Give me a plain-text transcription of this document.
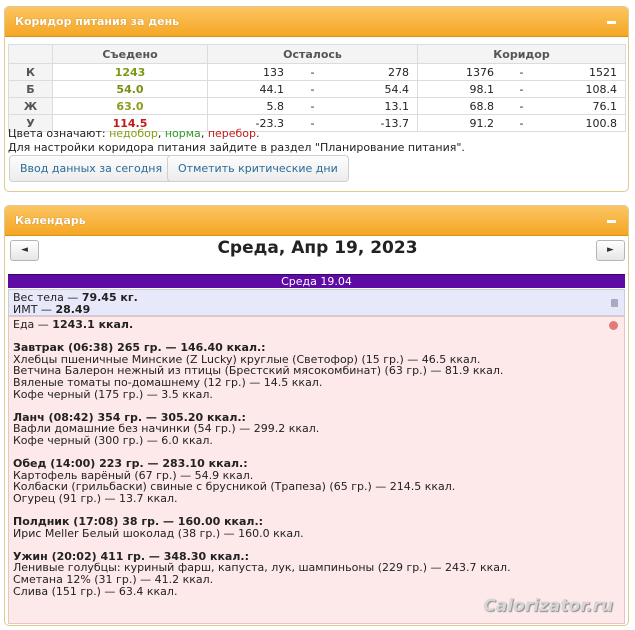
Коридор питания за день
	Съедено	Осталось	Коридор
К	1243	133 - 278	1376 - 1521

Б	54.0	44.1 - 54.4	98.1 - 108.4

Ж	63.0	5.8 - 13.1	68.8 - 76.1

У	114.5	-23.3 - -13.7	91.2 - 100.8
Цвета означают: недобор, норма, перебор.
Для настройки коридора питания зайдите в раздел "Планирование питания".
Ввод данных за сегодня	Отметить критические дни
Календарь
◄	Среда, Апр 19, 2023	►
Среда 19.04
Вес тела — 79.45 кг.
ИМТ — 28.49
Еда — 1243.1 ккал.
Завтрак (06:38) 265 гр. — 146.40 ккал.:
Хлебцы пшеничные Минские (Z Lucky) круглые (Светофор) (15 гр.) — 46.5 ккал.
Ветчина Балерон нежный из птицы (Брестский мясокомбинат) (63 гр.) — 81.9 ккал.
Вяленые томаты по-домашнему (12 гр.) — 14.5 ккал.
Кофе черный (175 гр.) — 3.5 ккал.
Ланч (08:42) 354 гр. — 305.20 ккал.:
Вафли домашние без начинки (54 гр.) — 299.2 ккал.
Кофе черный (300 гр.) — 6.0 ккал.
Обед (14:00) 223 гр. — 283.10 ккал.:
Картофель варёный (67 гр.) — 54.9 ккал.
Колбаски (грильбаски) свиные с брусникой (Трапеза) (65 гр.) — 214.5 ккал.
Огурец (91 гр.) — 13.7 ккал.
Полдник (17:08) 38 гр. — 160.00 ккал.:
Ирис Meller Белый шоколад (38 гр.) — 160.0 ккал.
Ужин (20:02) 411 гр. — 348.30 ккал.:
Ленивые голубцы: куриный фарш, капуста, лук, шампиньоны (229 гр.) — 243.7 ккал.
Сметана 12% (31 гр.) — 41.2 ккал.
Слива (151 гр.) — 63.4 ккал.
Calorizator.ru
